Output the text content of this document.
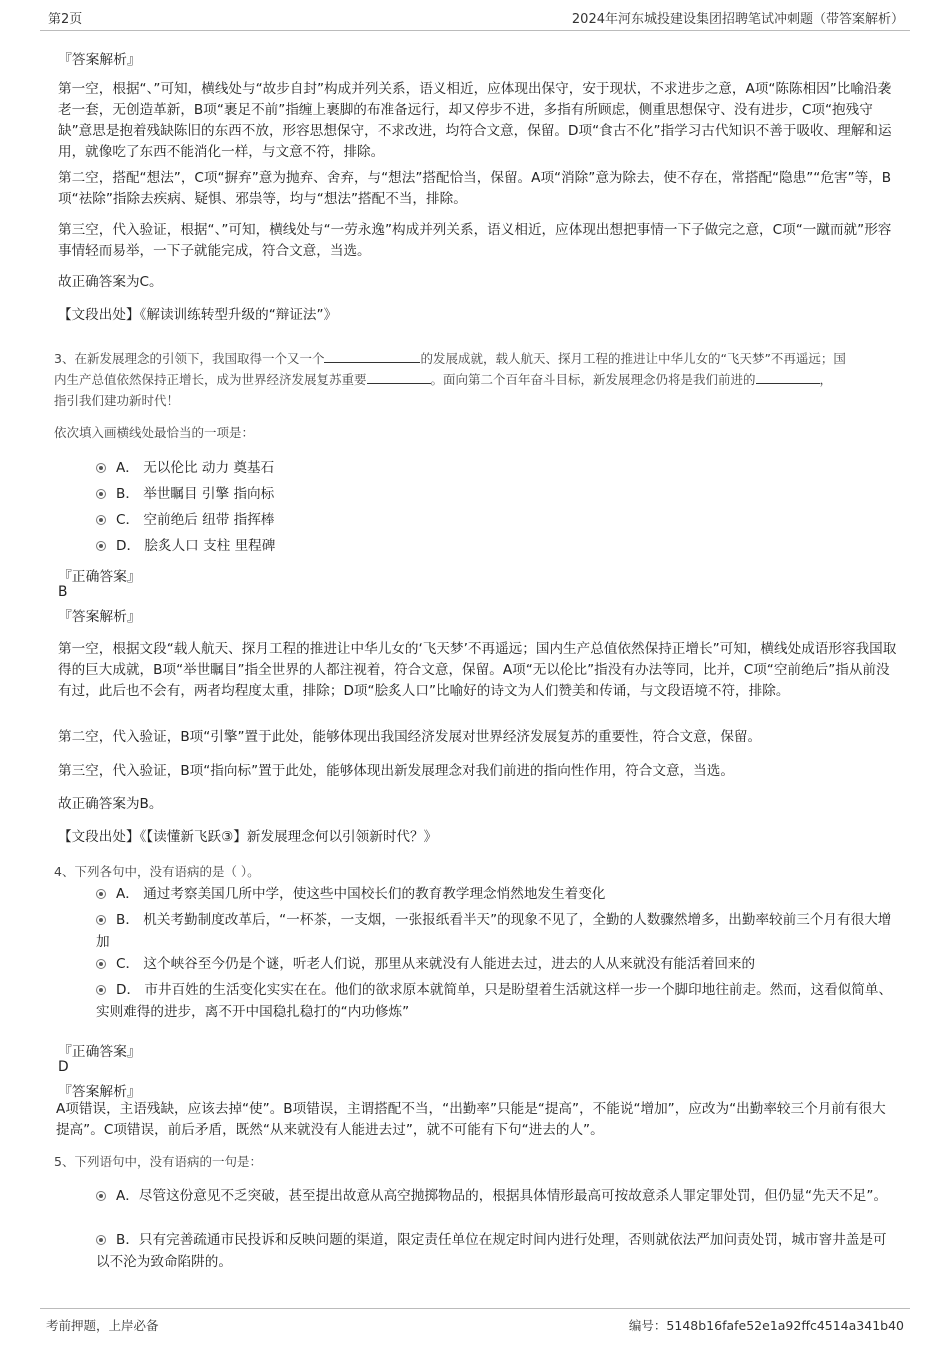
第2页	2024年河东城投建设集团招聘笔试冲刺题（带答案解析）
『答案解析』
第一空，根据“、”可知，横线处与“故步自封”构成并列关系，语义相近，应体现出保守，安于现状，不求进步之意，A项“陈陈相因”比喻沿袭老一套，无创造革新，B项“裹足不前”指缠上裹脚的布准备远行，却又停步不进，多指有所顾虑，侧重思想保守、没有进步，C项“抱残守缺”意思是抱着残缺陈旧的东西不放，形容思想保守，不求改进，均符合文意，保留。D项“食古不化”指学习古代知识不善于吸收、理解和运用，就像吃了东西不能消化一样，与文意不符，排除。
第二空，搭配“想法”，C项“摒弃”意为抛弃、舍弃，与“想法”搭配恰当，保留。A项“消除”意为除去，使不存在，常搭配“隐患”“危害”等，B项“祛除”指除去疾病、疑惧、邪祟等，均与“想法”搭配不当，排除。
第三空，代入验证，根据“、”可知，横线处与“一劳永逸”构成并列关系，语义相近，应体现出想把事情一下子做完之意，C项“一蹴而就”形容事情轻而易举，一下子就能完成，符合文意，当选。
故正确答案为C。
【文段出处】《解读训练转型升级的“辩证法”》
3、在新发展理念的引领下，我国取得一个又一个	的发展成就，载人航天、探月工程的推进让中华儿女的“飞天梦”不再遥远；国
内生产总值依然保持正增长，成为世界经济发展复苏重要	。面向第二个百年奋斗目标，新发展理念仍将是我们前进的	，
指引我们建功新时代！
依次填入画横线处最恰当的一项是：
A． 无以伦比 动力 奠基石
B． 举世瞩目 引擎 指向标
C． 空前绝后 纽带 指挥棒
D． 脍炙人口 支柱 里程碑
『正确答案』
B
『答案解析』
第一空，根据文段“载人航天、探月工程的推进让中华儿女的‘飞天梦’不再遥远；国内生产总值依然保持正增长”可知，横线处成语形容我国取得的巨大成就，B项“举世瞩目”指全世界的人都注视着，符合文意，保留。A项“无以伦比”指没有办法等同，比并，C项“空前绝后”指从前没有过，此后也不会有，两者均程度太重，排除；D项“脍炙人口”比喻好的诗文为人们赞美和传诵，与文段语境不符，排除。
第二空，代入验证，B项“引擎”置于此处，能够体现出我国经济发展对世界经济发展复苏的重要性，符合文意，保留。
第三空，代入验证，B项“指向标”置于此处，能够体现出新发展理念对我们前进的指向性作用，符合文意，当选。
故正确答案为B。
【文段出处】《【读懂新飞跃③】新发展理念何以引领新时代？》
4、下列各句中，没有语病的是（ ）。
A． 通过考察美国几所中学，使这些中国校长们的教育教学理念悄然地发生着变化
B． 机关考勤制度改革后，“一杯茶，一支烟，一张报纸看半天”的现象不见了，全勤的人数骤然增多，出勤率较前三个月有很大增加
C． 这个峡谷至今仍是个谜，听老人们说，那里从来就没有人能进去过，进去的人从来就没有能活着回来的
D． 市井百姓的生活变化实实在在。他们的欲求原本就简单，只是盼望着生活就这样一步一个脚印地往前走。然而，这看似简单、实则难得的进步，离不开中国稳扎稳打的“内功修炼”
『正确答案』
D
『答案解析』
A项错误，主语残缺，应该去掉“使”。B项错误，主谓搭配不当，“出勤率”只能是“提高”，不能说“增加”，应改为“出勤率较三个月前有很大提高”。C项错误，前后矛盾，既然“从来就没有人能进去过”，就不可能有下句“进去的人”。
5、下列语句中，没有语病的一句是：
A．尽管这份意见不乏突破，甚至提出故意从高空抛掷物品的，根据具体情形最高可按故意杀人罪定罪处罚，但仍显“先天不足”。
B．只有完善疏通市民投诉和反映问题的渠道，限定责任单位在规定时间内进行处理，否则就依法严加问责处罚，城市窨井盖是可以不沦为致命陷阱的。
考前押题，上岸必备	编号：5148b16fafe52e1a92ffc4514a341b40
